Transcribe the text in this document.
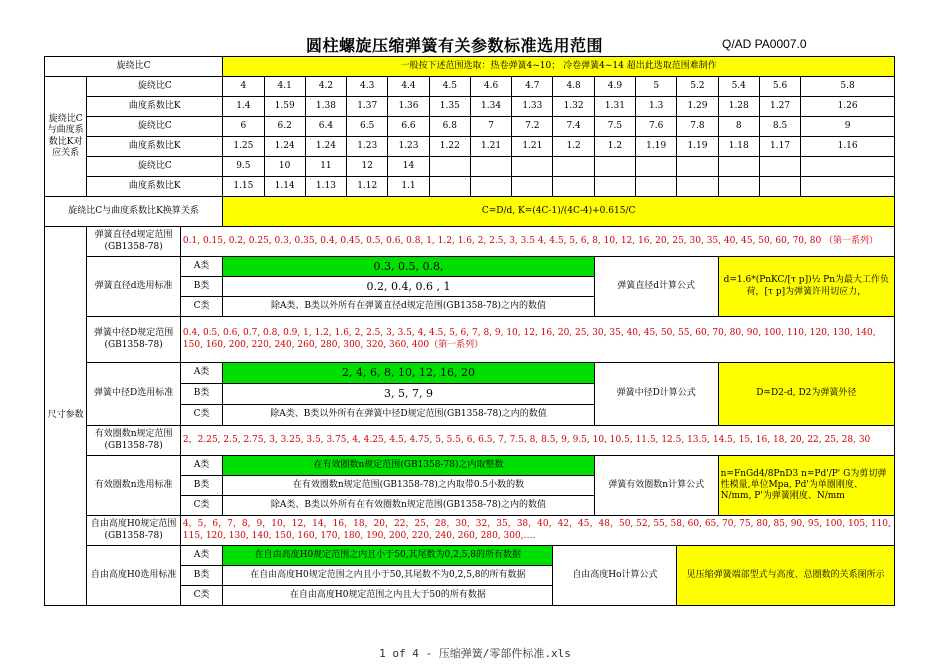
圆柱螺旋压缩弹簧有关参数标准选用范围	Q/AD PA0007.0
旋绕比C			一般按下述范围选取：热卷弹簧4~10； 冷卷弹簧4~14 超出此选取范围难制作														
旋绕比C与曲度系数比K对应关系	旋绕比C		4	4.1	4.2	4.3	4.4	4.5	4.6	4.7	4.8	4.9	5	5.2	5.4	5.6	5.8
	曲度系数比K		1.4	1.59	1.38	1.37	1.36	1.35	1.34	1.33	1.32	1.31	1.3	1.29	1.28	1.27	1.26
	旋绕比C		6	6.2	6.4	6.5	6.6	6.8	7	7.2	7.4	7.5	7.6	7.8	8	8.5	9
	曲度系数比K		1.25	1.24	1.24	1.23	1.23	1.22	1.21	1.21	1.2	1.2	1.19	1.19	1.18	1.17	1.16
	旋绕比C		9.5	10	11	12	14										
	曲度系数比K		1.15	1.14	1.13	1.12	1.1										
旋绕比C与曲度系数比K换算关系			C=D/d, K=(4C-1)/(4C-4)+0.615/C														
尺寸参数	弹簧直径d规定范围(GB1358-78)	0.1, 0.15, 0.2, 0.25, 0.3, 0.35, 0.4, 0.45, 0.5, 0.6, 0.8, 1, 1.2, 1.6, 2, 2.5, 3, 3.5 4, 4.5, 5, 6, 8, 10, 12, 16, 20, 25, 30, 35, 40, 45, 50, 60, 70, 80 （第一系列）															
	弹簧直径d选用标准	A类	0.3, 0.5, 0.8,									弹簧直径d计算公式			d=1.6*(PnKC/[τ p])½ Pn为最大工作负荷，[τ p]为弹簧许用切应力，		
		B类	0.2, 0.4, 0.6 , 1														
		C类	除A类、B类以外所有在弹簧直径d规定范围(GB1358-78)之内的数值														
	弹簧中径D规定范围(GB1358-78)	0.4, 0.5, 0.6, 0.7, 0.8, 0.9, 1, 1.2, 1.6, 2, 2.5, 3, 3.5, 4, 4.5, 5, 6, 7, 8, 9, 10, 12, 16, 20, 25, 30, 35, 40, 45, 50, 55, 60, 70, 80, 90, 100, 110, 120, 130, 140, 150, 160, 200, 220, 240, 260, 280, 300, 320, 360, 400（第一系列）															
	弹簧中径D选用标准	A类	2, 4, 6, 8, 10, 12, 16, 20									弹簧中径D计算公式			D=D2-d, D2为弹簧外径		
		B类	3, 5, 7, 9														
		C类	除A类、B类以外所有在弹簧中径D规定范围(GB1358-78)之内的数值														
	有效圈数n规定范围(GB1358-78)	2，2.25, 2.5, 2.75, 3, 3.25, 3.5, 3.75, 4, 4.25, 4.5, 4.75, 5, 5.5, 6, 6.5, 7, 7.5, 8, 8.5, 9, 9.5, 10, 10.5, 11.5, 12.5, 13.5, 14.5, 15, 16, 18, 20, 22, 25, 28, 30															
	有效圈数n选用标准	A类	在有效圈数n规定范围(GB1358-78)之内取整数									弹簧有效圈数n计算公式			n=FnGd4/8PnD3 n=Pd'/P' G为剪切弹性模量,单位Mpa, Pd'为单圈刚度、N/mm, P'为弹簧刚度、N/mm		
		B类	在有效圈数n规定范围(GB1358-78)之内取带0.5小数的数														
		C类	除A类、B类以外所有在有效圈数n规定范围(GB1358-78)之内的数值														
	自由高度H0规定范围(GB1358-78)	4，5，6，7，8，9，10，12，14，16，18，20，22，25，28，30，32，35，38，40，42，45，48，50, 52, 55, 58, 60, 65, 70, 75, 80, 85, 90, 95, 100, 105, 110, 115, 120, 130, 140, 150, 160, 170, 180, 190, 200, 220, 240, 260, 280, 300,….															
	自由高度H0选用标准	A类	在自由高度H0规定范围之内且小于50,其尾数为0,2,5,8的所有数据								自由高度Ho计算公式			见压缩弹簧端部型式与高度、总圈数的关系图所示			
		B类	在自由高度H0规定范围之内且小于50,其尾数不为0,2,5,8的所有数据														
		C类	在自由高度H0规定范围之内且大于50的所有数据														
1 of 4 - 压缩弹簧/零部件标准.xls
